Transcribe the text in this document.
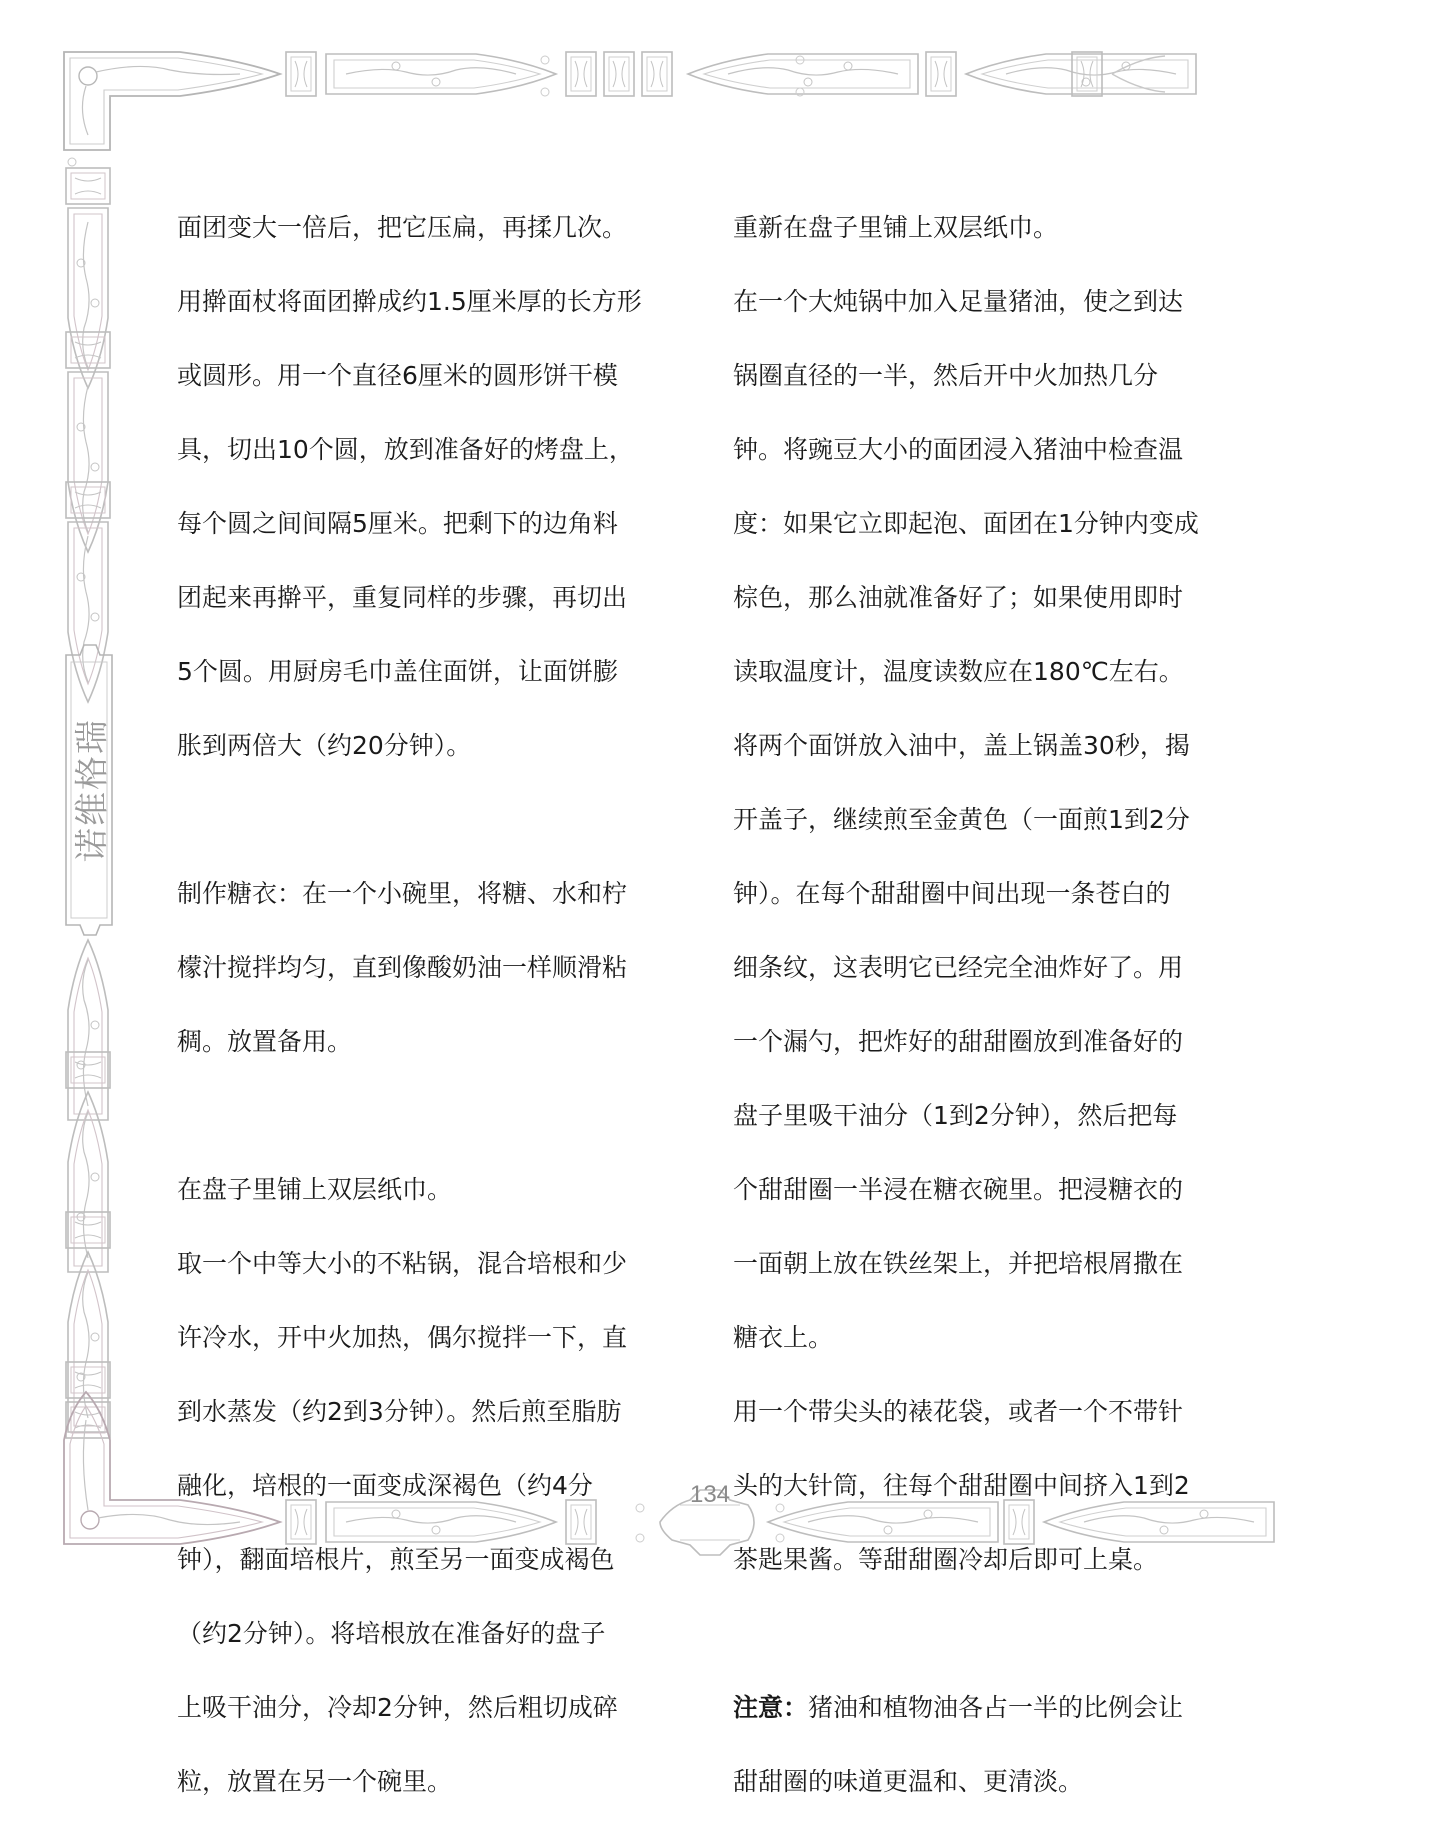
诺维格瑞
134

面团变大一倍后，把它压扁，再揉几次。

用擀面杖将面团擀成约1.5厘米厚的长方形

或圆形。用一个直径6厘米的圆形饼干模

具，切出10个圆，放到准备好的烤盘上，

每个圆之间间隔5厘米。把剩下的边角料

团起来再擀平，重复同样的步骤，再切出

5个圆。用厨房毛巾盖住面饼，让面饼膨

胀到两倍大（约20分钟）。

制作糖衣：在一个小碗里，将糖、水和柠

檬汁搅拌均匀，直到像酸奶油一样顺滑粘

稠。放置备用。

在盘子里铺上双层纸巾。

取一个中等大小的不粘锅，混合培根和少

许冷水，开中火加热，偶尔搅拌一下，直

到水蒸发（约2到3分钟）。然后煎至脂肪

融化，培根的一面变成深褐色（约4分

钟），翻面培根片，煎至另一面变成褐色

（约2分钟）。将培根放在准备好的盘子

上吸干油分，冷却2分钟，然后粗切成碎

粒，放置在另一个碗里。

重新在盘子里铺上双层纸巾。

在一个大炖锅中加入足量猪油，使之到达

锅圈直径的一半，然后开中火加热几分

钟。将豌豆大小的面团浸入猪油中检查温

度：如果它立即起泡、面团在1分钟内变成

棕色，那么油就准备好了；如果使用即时

读取温度计，温度读数应在180℃左右。

将两个面饼放入油中，盖上锅盖30秒，揭

开盖子，继续煎至金黄色（一面煎1到2分

钟）。在每个甜甜圈中间出现一条苍白的

细条纹，这表明它已经完全油炸好了。用

一个漏勺，把炸好的甜甜圈放到准备好的

盘子里吸干油分（1到2分钟），然后把每

个甜甜圈一半浸在糖衣碗里。把浸糖衣的

一面朝上放在铁丝架上，并把培根屑撒在

糖衣上。

用一个带尖头的裱花袋，或者一个不带针

头的大针筒，往每个甜甜圈中间挤入1到2

茶匙果酱。等甜甜圈冷却后即可上桌。

注意：猪油和植物油各占一半的比例会让

甜甜圈的味道更温和、更清淡。
